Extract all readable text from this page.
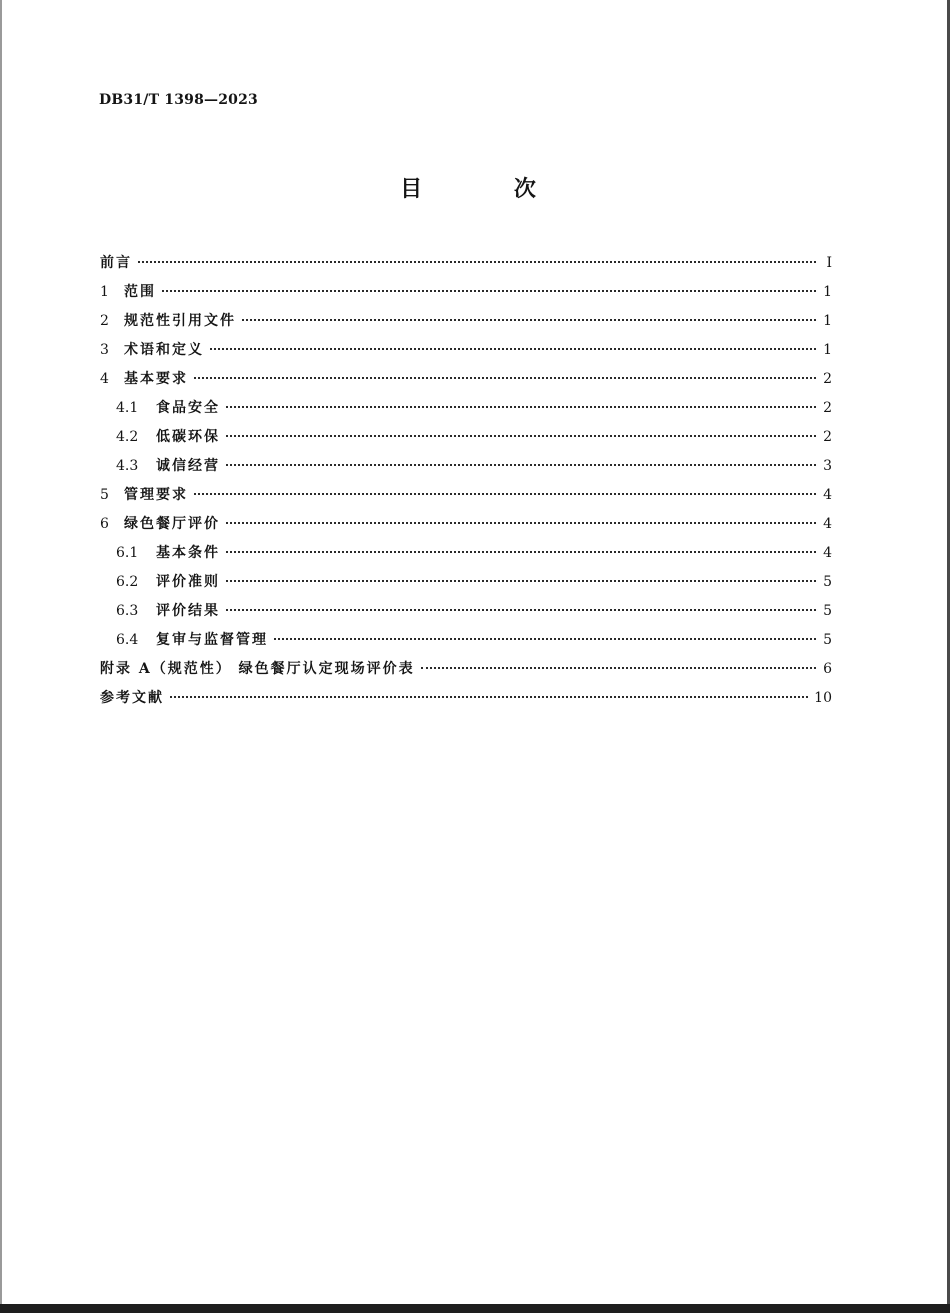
DB31/T 1398—2023
目 次
前言	I
1	范围	1
2	规范性引用文件	1
3	术语和定义	1
4	基本要求	2
4.1	食品安全	2
4.2	低碳环保	2
4.3	诚信经营	3
5	管理要求	4
6	绿色餐厅评价	4
6.1	基本条件	4
6.2	评价准则	5
6.3	评价结果	5
6.4	复审与监督管理	5
附录 A（规范性） 绿色餐厅认定现场评价表	6
参考文献	10
